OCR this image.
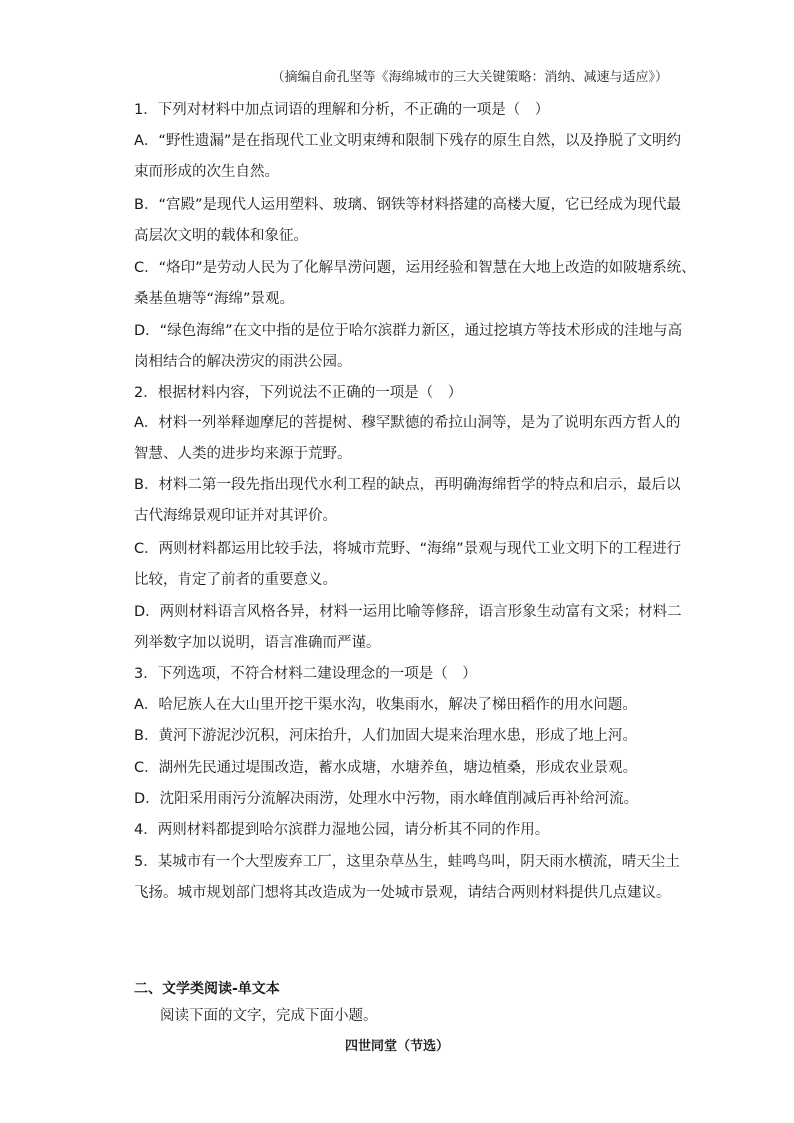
（摘编自俞孔坚等《海绵城市的三大关键策略：消纳、减速与适应》）
1．下列对材料中加点词语的理解和分析，不正确的一项是（　）
A．“野性遗漏”是在指现代工业文明束缚和限制下残存的原生自然，以及挣脱了文明约
束而形成的次生自然。
B．“宫殿”是现代人运用塑料、玻璃、钢铁等材料搭建的高楼大厦，它已经成为现代最
高层次文明的载体和象征。
C．“烙印”是劳动人民为了化解旱涝问题，运用经验和智慧在大地上改造的如陂塘系统、
桑基鱼塘等“海绵”景观。
D．“绿色海绵”在文中指的是位于哈尔滨群力新区，通过挖填方等技术形成的洼地与高
岗相结合的解决涝灾的雨洪公园。
2．根据材料内容，下列说法不正确的一项是（　）
A．材料一列举释迦摩尼的菩提树、穆罕默德的希拉山洞等，是为了说明东西方哲人的
智慧、人类的进步均来源于荒野。
B．材料二第一段先指出现代水利工程的缺点，再明确海绵哲学的特点和启示，最后以
古代海绵景观印证并对其评价。
C．两则材料都运用比较手法，将城市荒野、“海绵”景观与现代工业文明下的工程进行
比较，肯定了前者的重要意义。
D．两则材料语言风格各异，材料一运用比喻等修辞，语言形象生动富有文采；材料二
列举数字加以说明，语言准确而严谨。
3．下列选项，不符合材料二建设理念的一项是（　）
A．哈尼族人在大山里开挖干渠水沟，收集雨水，解决了梯田稻作的用水问题。
B．黄河下游泥沙沉积，河床抬升，人们加固大堤来治理水患，形成了地上河。
C．湖州先民通过堤围改造，蓄水成塘，水塘养鱼，塘边植桑，形成农业景观。
D．沈阳采用雨污分流解决雨涝，处理水中污物，雨水峰值削减后再补给河流。
4．两则材料都提到哈尔滨群力湿地公园，请分析其不同的作用。
5．某城市有一个大型废弃工厂，这里杂草丛生，蛙鸣鸟叫，阴天雨水横流，晴天尘土
飞扬。城市规划部门想将其改造成为一处城市景观，请结合两则材料提供几点建议。
二、文学类阅读-单文本
阅读下面的文字，完成下面小题。
四世同堂（节选）
